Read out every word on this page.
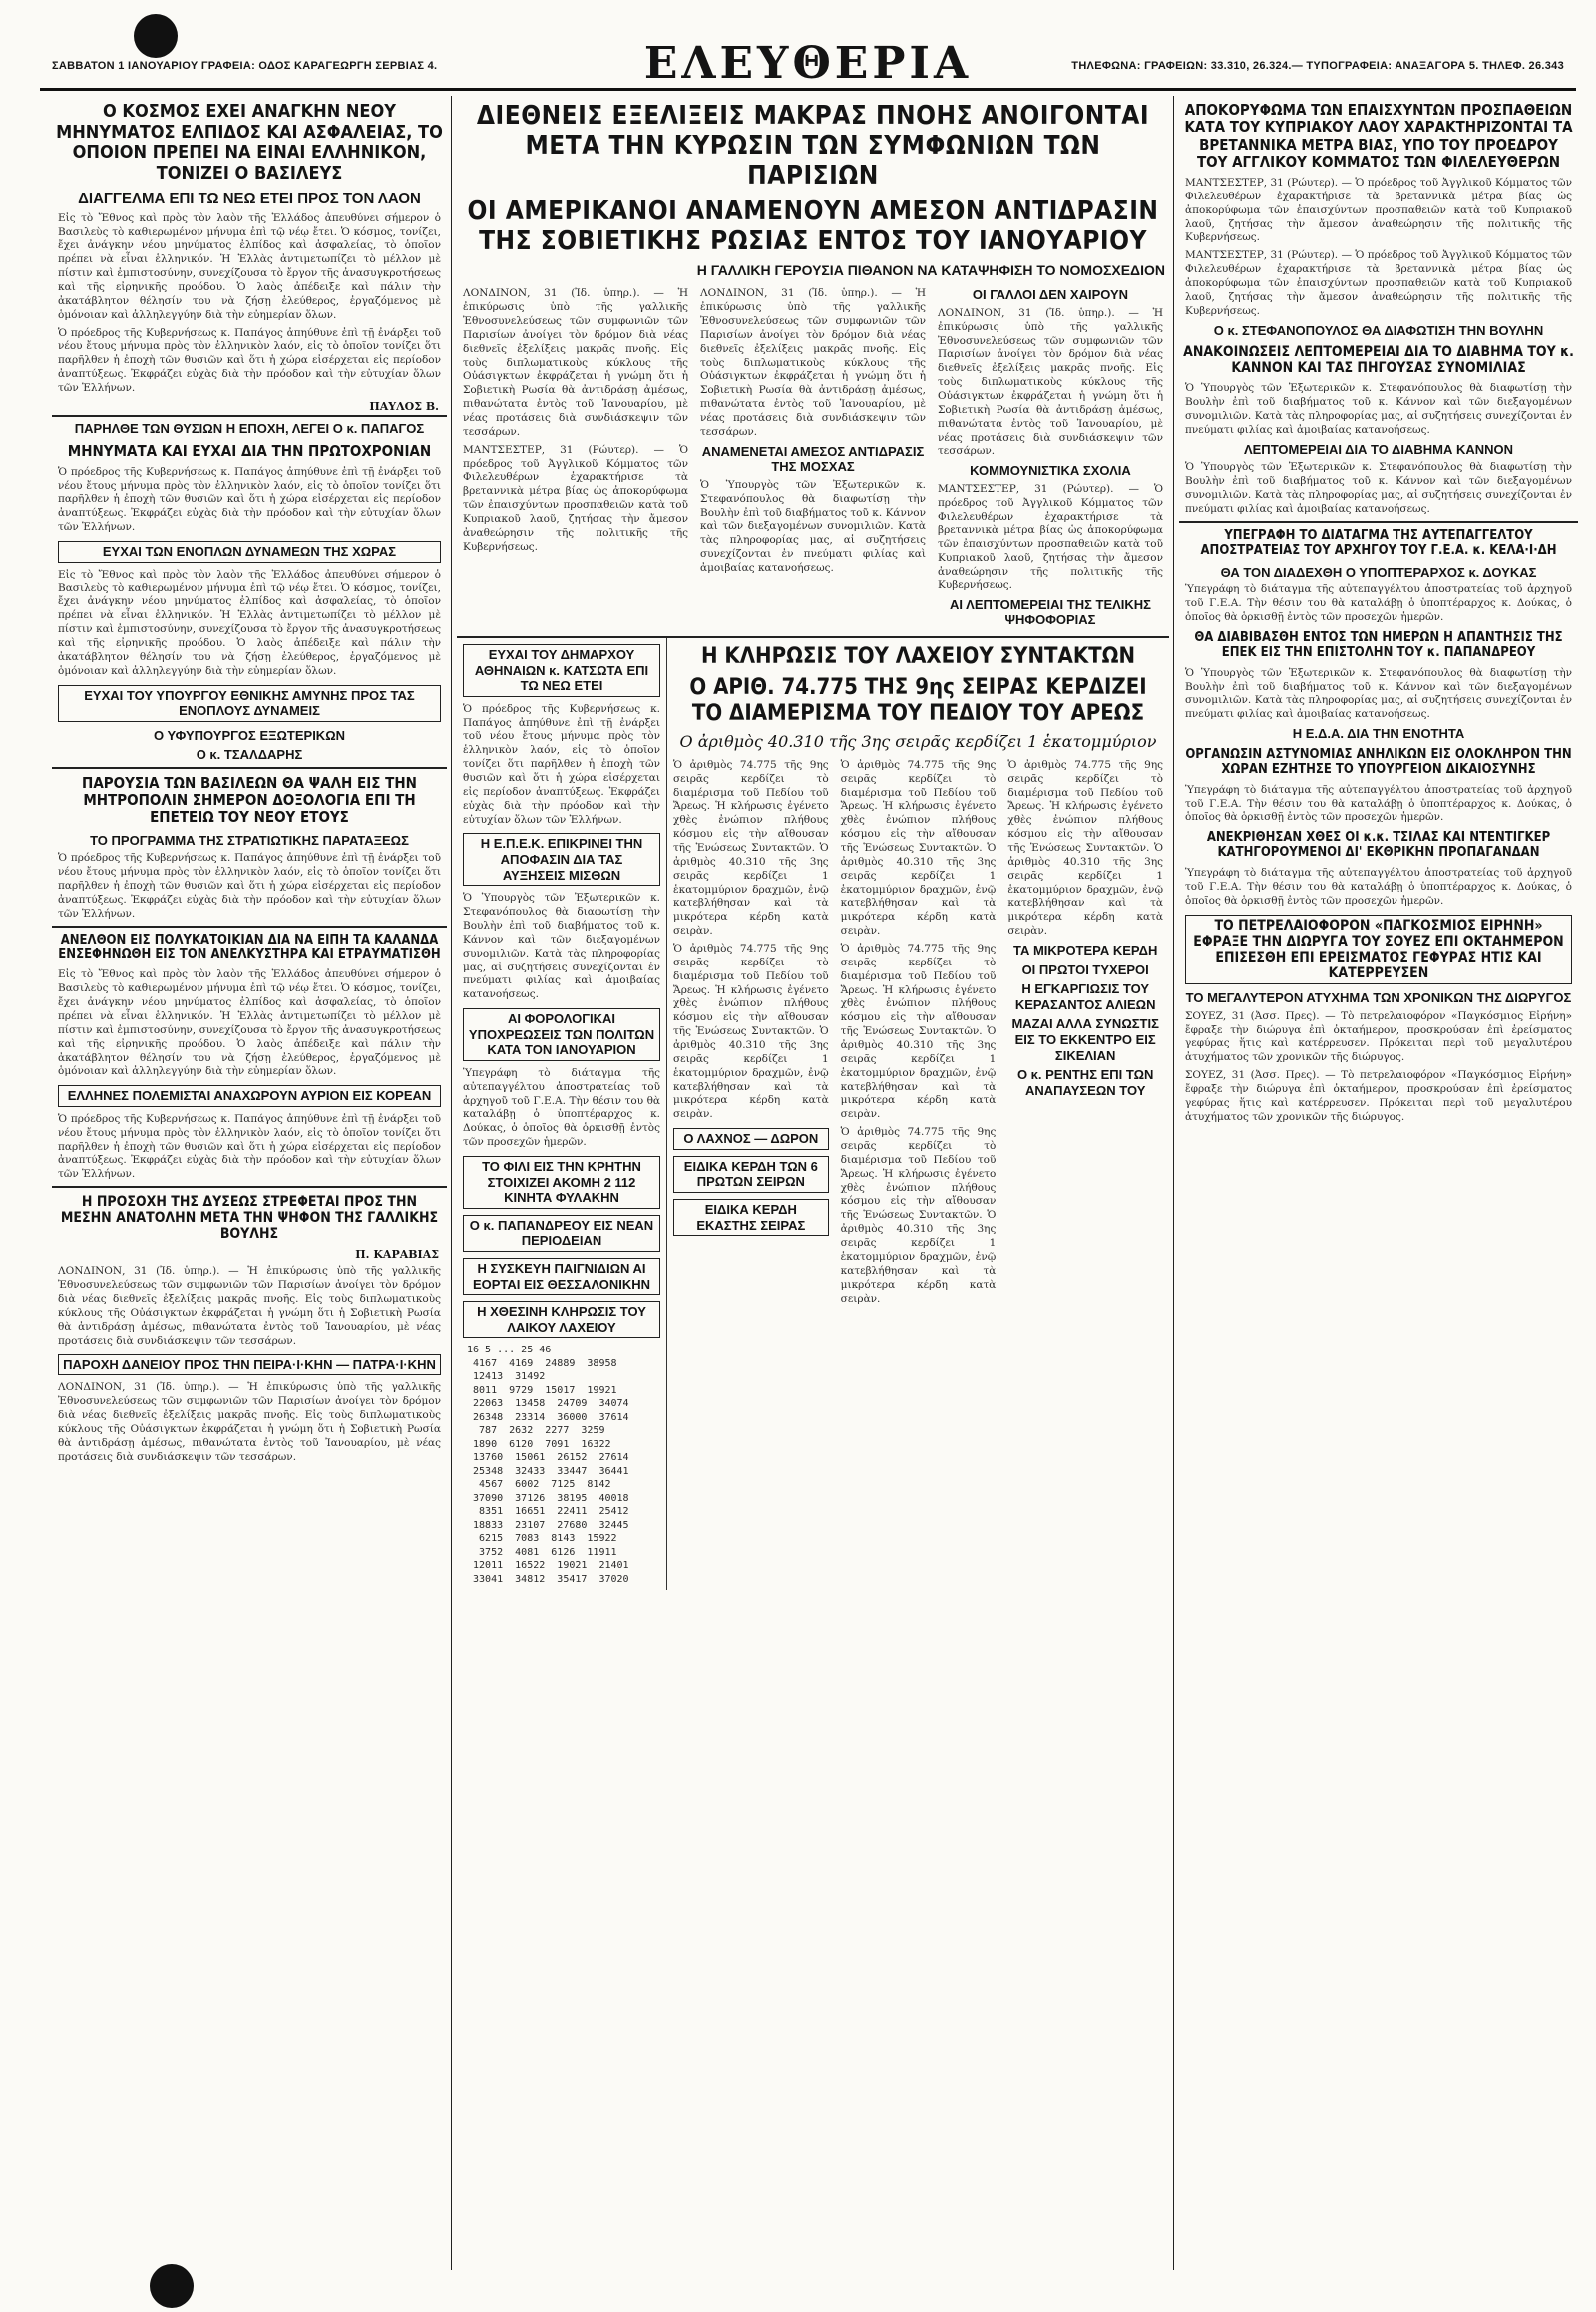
ΣΑΒΒΑΤΟΝ 1 ΙΑΝΟΥΑΡΙΟΥ ΓΡΑΦΕΙΑ: ΟΔΟΣ ΚΑΡΑΓΕΩΡΓΗ ΣΕΡΒΙΑΣ 4.	ΕΛΕΥΘΕΡΙΑ	ΤΗΛΕΦΩΝΑ: ΓΡΑΦΕΙΩΝ: 33.310, 26.324.— ΤΥΠΟΓΡΑΦΕΙΑ: ΑΝΑΞΑΓΟΡΑ 5. ΤΗΛΕΦ. 26.343
Ο ΚΟΣΜΟΣ ΕΧΕΙ ΑΝΑΓΚΗΝ ΝΕΟΥ ΜΗΝΥΜΑΤΟΣ ΕΛΠΙΔΟΣ ΚΑΙ ΑΣΦΑΛΕΙΑΣ, ΤΟ ΟΠΟΙΟΝ ΠΡΕΠΕΙ ΝΑ ΕΙΝΑΙ ΕΛΛΗΝΙΚΟΝ, ΤΟΝΙΖΕΙ Ο ΒΑΣΙΛΕΥΣ
ΔΙΑΓΓΕΛΜΑ ΕΠΙ ΤΩ ΝΕΩ ΕΤΕΙ ΠΡΟΣ ΤΟΝ ΛΑΟΝ
Εἰς τὸ Ἔθνος καὶ πρὸς τὸν λαὸν τῆς Ἑλλάδος ἀπευθύνει σήμερον ὁ Βασιλεὺς τὸ καθιερωμένον μήνυμα ἐπὶ τῷ νέῳ ἔτει. Ὁ κόσμος, τονίζει, ἔχει ἀνάγκην νέου μηνύματος ἐλπίδος καὶ ἀσφαλείας, τὸ ὁποῖον πρέπει νὰ εἶναι ἑλληνικόν. Ἡ Ἑλλὰς ἀντιμετωπίζει τὸ μέλλον μὲ πίστιν καὶ ἐμπιστοσύνην, συνεχίζουσα τὸ ἔργον τῆς ἀνασυγκροτήσεως καὶ τῆς εἰρηνικῆς προόδου. Ὁ λαὸς ἀπέδειξε καὶ πάλιν τὴν ἀκατάβλητον θέλησίν του νὰ ζήσῃ ἐλεύθερος, ἐργαζόμενος μὲ ὁμόνοιαν καὶ ἀλληλεγγύην διὰ τὴν εὐημερίαν ὅλων.
Ὁ πρόεδρος τῆς Κυβερνήσεως κ. Παπάγος ἀπηύθυνε ἐπὶ τῇ ἐνάρξει τοῦ νέου ἔτους μήνυμα πρὸς τὸν ἑλληνικὸν λαόν, εἰς τὸ ὁποῖον τονίζει ὅτι παρῆλθεν ἡ ἐποχὴ τῶν θυσιῶν καὶ ὅτι ἡ χώρα εἰσέρχεται εἰς περίοδον ἀναπτύξεως. Ἐκφράζει εὐχὰς διὰ τὴν πρόοδον καὶ τὴν εὐτυχίαν ὅλων τῶν Ἑλλήνων.
ΠΑΥΛΟΣ Β.
ΠΑΡΗΛΘΕ ΤΩΝ ΘΥΣΙΩΝ Η ΕΠΟΧΗ, ΛΕΓΕΙ Ο κ. ΠΑΠΑΓΟΣ
ΜΗΝΥΜΑΤΑ ΚΑΙ ΕΥΧΑΙ ΔΙΑ ΤΗΝ ΠΡΩΤΟΧΡΟΝΙΑΝ
Ὁ πρόεδρος τῆς Κυβερνήσεως κ. Παπάγος ἀπηύθυνε ἐπὶ τῇ ἐνάρξει τοῦ νέου ἔτους μήνυμα πρὸς τὸν ἑλληνικὸν λαόν, εἰς τὸ ὁποῖον τονίζει ὅτι παρῆλθεν ἡ ἐποχὴ τῶν θυσιῶν καὶ ὅτι ἡ χώρα εἰσέρχεται εἰς περίοδον ἀναπτύξεως. Ἐκφράζει εὐχὰς διὰ τὴν πρόοδον καὶ τὴν εὐτυχίαν ὅλων τῶν Ἑλλήνων.
ΕΥΧΑΙ ΤΩΝ ΕΝΟΠΛΩΝ ΔΥΝΑΜΕΩΝ ΤΗΣ ΧΩΡΑΣ
Εἰς τὸ Ἔθνος καὶ πρὸς τὸν λαὸν τῆς Ἑλλάδος ἀπευθύνει σήμερον ὁ Βασιλεὺς τὸ καθιερωμένον μήνυμα ἐπὶ τῷ νέῳ ἔτει. Ὁ κόσμος, τονίζει, ἔχει ἀνάγκην νέου μηνύματος ἐλπίδος καὶ ἀσφαλείας, τὸ ὁποῖον πρέπει νὰ εἶναι ἑλληνικόν. Ἡ Ἑλλὰς ἀντιμετωπίζει τὸ μέλλον μὲ πίστιν καὶ ἐμπιστοσύνην, συνεχίζουσα τὸ ἔργον τῆς ἀνασυγκροτήσεως καὶ τῆς εἰρηνικῆς προόδου. Ὁ λαὸς ἀπέδειξε καὶ πάλιν τὴν ἀκατάβλητον θέλησίν του νὰ ζήσῃ ἐλεύθερος, ἐργαζόμενος μὲ ὁμόνοιαν καὶ ἀλληλεγγύην διὰ τὴν εὐημερίαν ὅλων.
ΕΥΧΑΙ ΤΟΥ ΥΠΟΥΡΓΟΥ ΕΘΝΙΚΗΣ ΑΜΥΝΗΣ ΠΡΟΣ ΤΑΣ ΕΝΟΠΛΟΥΣ ΔΥΝΑΜΕΙΣ
Ο ΥΦΥΠΟΥΡΓΟΣ ΕΞΩΤΕΡΙΚΩΝ
Ο κ. ΤΣΑΛΔΑΡΗΣ
ΠΑΡΟΥΣΙΑ ΤΩΝ ΒΑΣΙΛΕΩΝ ΘΑ ΨΑΛΗ ΕΙΣ ΤΗΝ ΜΗΤΡΟΠΟΛΙΝ ΣΗΜΕΡΟΝ ΔΟΞΟΛΟΓΙΑ ΕΠΙ ΤΗ ΕΠΕΤΕΙΩ ΤΟΥ ΝΕΟΥ ΕΤΟΥΣ
ΤΟ ΠΡΟΓΡΑΜΜΑ ΤΗΣ ΣΤΡΑΤΙΩΤΙΚΗΣ ΠΑΡΑΤΑΞΕΩΣ
Ὁ πρόεδρος τῆς Κυβερνήσεως κ. Παπάγος ἀπηύθυνε ἐπὶ τῇ ἐνάρξει τοῦ νέου ἔτους μήνυμα πρὸς τὸν ἑλληνικὸν λαόν, εἰς τὸ ὁποῖον τονίζει ὅτι παρῆλθεν ἡ ἐποχὴ τῶν θυσιῶν καὶ ὅτι ἡ χώρα εἰσέρχεται εἰς περίοδον ἀναπτύξεως. Ἐκφράζει εὐχὰς διὰ τὴν πρόοδον καὶ τὴν εὐτυχίαν ὅλων τῶν Ἑλλήνων.
ΑΝΕΛΘΟΝ ΕΙΣ ΠΟΛΥΚΑΤΟΙΚΙΑΝ ΔΙΑ ΝΑ ΕΙΠΗ ΤΑ ΚΑΛΑΝΔΑ ΕΝΣΕΦΗΝΩΘΗ ΕΙΣ ΤΟΝ ΑΝΕΛΚΥΣΤΗΡΑ ΚΑΙ ΕΤΡΑΥΜΑΤΙΣΘΗ
Εἰς τὸ Ἔθνος καὶ πρὸς τὸν λαὸν τῆς Ἑλλάδος ἀπευθύνει σήμερον ὁ Βασιλεὺς τὸ καθιερωμένον μήνυμα ἐπὶ τῷ νέῳ ἔτει. Ὁ κόσμος, τονίζει, ἔχει ἀνάγκην νέου μηνύματος ἐλπίδος καὶ ἀσφαλείας, τὸ ὁποῖον πρέπει νὰ εἶναι ἑλληνικόν. Ἡ Ἑλλὰς ἀντιμετωπίζει τὸ μέλλον μὲ πίστιν καὶ ἐμπιστοσύνην, συνεχίζουσα τὸ ἔργον τῆς ἀνασυγκροτήσεως καὶ τῆς εἰρηνικῆς προόδου. Ὁ λαὸς ἀπέδειξε καὶ πάλιν τὴν ἀκατάβλητον θέλησίν του νὰ ζήσῃ ἐλεύθερος, ἐργαζόμενος μὲ ὁμόνοιαν καὶ ἀλληλεγγύην διὰ τὴν εὐημερίαν ὅλων.
ΕΛΛΗΝΕΣ ΠΟΛΕΜΙΣΤΑΙ ΑΝΑΧΩΡΟΥΝ ΑΥΡΙΟΝ ΕΙΣ ΚΟΡΕΑΝ
Ὁ πρόεδρος τῆς Κυβερνήσεως κ. Παπάγος ἀπηύθυνε ἐπὶ τῇ ἐνάρξει τοῦ νέου ἔτους μήνυμα πρὸς τὸν ἑλληνικὸν λαόν, εἰς τὸ ὁποῖον τονίζει ὅτι παρῆλθεν ἡ ἐποχὴ τῶν θυσιῶν καὶ ὅτι ἡ χώρα εἰσέρχεται εἰς περίοδον ἀναπτύξεως. Ἐκφράζει εὐχὰς διὰ τὴν πρόοδον καὶ τὴν εὐτυχίαν ὅλων τῶν Ἑλλήνων.
Η ΠΡΟΣΟΧΗ ΤΗΣ ΔΥΣΕΩΣ ΣΤΡΕΦΕΤΑΙ ΠΡΟΣ ΤΗΝ ΜΕΣΗΝ ΑΝΑΤΟΛΗΝ ΜΕΤΑ ΤΗΝ ΨΗΦΟΝ ΤΗΣ ΓΑΛΛΙΚΗΣ ΒΟΥΛΗΣ
Π. ΚΑΡΑΒΙΑΣ
ΛΟΝΔΙΝΟΝ, 31 (Ἰδ. ὑπηρ.). — Ἡ ἐπικύρωσις ὑπὸ τῆς γαλλικῆς Ἐθνοσυνελεύσεως τῶν συμφωνιῶν τῶν Παρισίων ἀνοίγει τὸν δρόμον διὰ νέας διεθνεῖς ἐξελίξεις μακρᾶς πνοῆς. Εἰς τοὺς διπλωματικοὺς κύκλους τῆς Οὐάσιγκτων ἐκφράζεται ἡ γνώμη ὅτι ἡ Σοβιετικὴ Ρωσία θὰ ἀντιδράσῃ ἀμέσως, πιθανώτατα ἐντὸς τοῦ Ἰανουαρίου, μὲ νέας προτάσεις διὰ συνδιάσκεψιν τῶν τεσσάρων.
ΠΑΡΟΧΗ ΔΑΝΕΙΟΥ ΠΡΟΣ ΤΗΝ ΠΕΙΡΑ·Ι·ΚΗΝ — ΠΑΤΡΑ·Ι·ΚΗΝ
ΛΟΝΔΙΝΟΝ, 31 (Ἰδ. ὑπηρ.). — Ἡ ἐπικύρωσις ὑπὸ τῆς γαλλικῆς Ἐθνοσυνελεύσεως τῶν συμφωνιῶν τῶν Παρισίων ἀνοίγει τὸν δρόμον διὰ νέας διεθνεῖς ἐξελίξεις μακρᾶς πνοῆς. Εἰς τοὺς διπλωματικοὺς κύκλους τῆς Οὐάσιγκτων ἐκφράζεται ἡ γνώμη ὅτι ἡ Σοβιετικὴ Ρωσία θὰ ἀντιδράσῃ ἀμέσως, πιθανώτατα ἐντὸς τοῦ Ἰανουαρίου, μὲ νέας προτάσεις διὰ συνδιάσκεψιν τῶν τεσσάρων.
ΔΙΕΘΝΕΙΣ ΕΞΕΛΙΞΕΙΣ ΜΑΚΡΑΣ ΠΝΟΗΣ ΑΝΟΙΓΟΝΤΑΙ ΜΕΤΑ ΤΗΝ ΚΥΡΩΣΙΝ ΤΩΝ ΣΥΜΦΩΝΙΩΝ ΤΩΝ ΠΑΡΙΣΙΩΝ
ΟΙ ΑΜΕΡΙΚΑΝΟΙ ΑΝΑΜΕΝΟΥΝ ΑΜΕΣΟΝ ΑΝΤΙΔΡΑΣΙΝ ΤΗΣ ΣΟΒΙΕΤΙΚΗΣ ΡΩΣΙΑΣ ΕΝΤΟΣ ΤΟΥ ΙΑΝΟΥΑΡΙΟΥ
Η ΓΑΛΛΙΚΗ ΓΕΡΟΥΣΙΑ ΠΙΘΑΝΟΝ ΝΑ ΚΑΤΑΨΗΦΙΣΗ ΤΟ ΝΟΜΟΣΧΕΔΙΟΝ
ΛΟΝΔΙΝΟΝ, 31 (Ἰδ. ὑπηρ.). — Ἡ ἐπικύρωσις ὑπὸ τῆς γαλλικῆς Ἐθνοσυνελεύσεως τῶν συμφωνιῶν τῶν Παρισίων ἀνοίγει τὸν δρόμον διὰ νέας διεθνεῖς ἐξελίξεις μακρᾶς πνοῆς. Εἰς τοὺς διπλωματικοὺς κύκλους τῆς Οὐάσιγκτων ἐκφράζεται ἡ γνώμη ὅτι ἡ Σοβιετικὴ Ρωσία θὰ ἀντιδράσῃ ἀμέσως, πιθανώτατα ἐντὸς τοῦ Ἰανουαρίου, μὲ νέας προτάσεις διὰ συνδιάσκεψιν τῶν τεσσάρων.
ΜΑΝΤΣΕΣΤΕΡ, 31 (Ρώυτερ). — Ὁ πρόεδρος τοῦ Ἀγγλικοῦ Κόμματος τῶν Φιλελευθέρων ἐχαρακτήρισε τὰ βρεταννικὰ μέτρα βίας ὡς ἀποκορύφωμα τῶν ἐπαισχύντων προσπαθειῶν κατὰ τοῦ Κυπριακοῦ λαοῦ, ζητήσας τὴν ἄμεσον ἀναθεώρησιν τῆς πολιτικῆς τῆς Κυβερνήσεως.
ΛΟΝΔΙΝΟΝ, 31 (Ἰδ. ὑπηρ.). — Ἡ ἐπικύρωσις ὑπὸ τῆς γαλλικῆς Ἐθνοσυνελεύσεως τῶν συμφωνιῶν τῶν Παρισίων ἀνοίγει τὸν δρόμον διὰ νέας διεθνεῖς ἐξελίξεις μακρᾶς πνοῆς. Εἰς τοὺς διπλωματικοὺς κύκλους τῆς Οὐάσιγκτων ἐκφράζεται ἡ γνώμη ὅτι ἡ Σοβιετικὴ Ρωσία θὰ ἀντιδράσῃ ἀμέσως, πιθανώτατα ἐντὸς τοῦ Ἰανουαρίου, μὲ νέας προτάσεις διὰ συνδιάσκεψιν τῶν τεσσάρων.
ΑΝΑΜΕΝΕΤΑΙ ΑΜΕΣΟΣ ΑΝΤΙΔΡΑΣΙΣ ΤΗΣ ΜΟΣΧΑΣ
Ὁ Ὑπουργὸς τῶν Ἐξωτερικῶν κ. Στεφανόπουλος θὰ διαφωτίσῃ τὴν Βουλὴν ἐπὶ τοῦ διαβήματος τοῦ κ. Κάννον καὶ τῶν διεξαγομένων συνομιλιῶν. Κατὰ τὰς πληροφορίας μας, αἱ συζητήσεις συνεχίζονται ἐν πνεύματι φιλίας καὶ ἀμοιβαίας κατανοήσεως.
ΟΙ ΓΑΛΛΟΙ ΔΕΝ ΧΑΙΡΟΥΝ
ΛΟΝΔΙΝΟΝ, 31 (Ἰδ. ὑπηρ.). — Ἡ ἐπικύρωσις ὑπὸ τῆς γαλλικῆς Ἐθνοσυνελεύσεως τῶν συμφωνιῶν τῶν Παρισίων ἀνοίγει τὸν δρόμον διὰ νέας διεθνεῖς ἐξελίξεις μακρᾶς πνοῆς. Εἰς τοὺς διπλωματικοὺς κύκλους τῆς Οὐάσιγκτων ἐκφράζεται ἡ γνώμη ὅτι ἡ Σοβιετικὴ Ρωσία θὰ ἀντιδράσῃ ἀμέσως, πιθανώτατα ἐντὸς τοῦ Ἰανουαρίου, μὲ νέας προτάσεις διὰ συνδιάσκεψιν τῶν τεσσάρων.
ΚΟΜΜΟΥΝΙΣΤΙΚΑ ΣΧΟΛΙΑ
ΜΑΝΤΣΕΣΤΕΡ, 31 (Ρώυτερ). — Ὁ πρόεδρος τοῦ Ἀγγλικοῦ Κόμματος τῶν Φιλελευθέρων ἐχαρακτήρισε τὰ βρεταννικὰ μέτρα βίας ὡς ἀποκορύφωμα τῶν ἐπαισχύντων προσπαθειῶν κατὰ τοῦ Κυπριακοῦ λαοῦ, ζητήσας τὴν ἄμεσον ἀναθεώρησιν τῆς πολιτικῆς τῆς Κυβερνήσεως.
ΑΙ ΛΕΠΤΟΜΕΡΕΙΑΙ ΤΗΣ ΤΕΛΙΚΗΣ ΨΗΦΟΦΟΡΙΑΣ
ΕΥΧΑΙ ΤΟΥ ΔΗΜΑΡΧΟΥ ΑΘΗΝΑΙΩΝ κ. ΚΑΤΣΩΤΑ ΕΠΙ ΤΩ ΝΕΩ ΕΤΕΙ
Ὁ πρόεδρος τῆς Κυβερνήσεως κ. Παπάγος ἀπηύθυνε ἐπὶ τῇ ἐνάρξει τοῦ νέου ἔτους μήνυμα πρὸς τὸν ἑλληνικὸν λαόν, εἰς τὸ ὁποῖον τονίζει ὅτι παρῆλθεν ἡ ἐποχὴ τῶν θυσιῶν καὶ ὅτι ἡ χώρα εἰσέρχεται εἰς περίοδον ἀναπτύξεως. Ἐκφράζει εὐχὰς διὰ τὴν πρόοδον καὶ τὴν εὐτυχίαν ὅλων τῶν Ἑλλήνων.
Η Ε.Π.Ε.Κ. ΕΠΙΚΡΙΝΕΙ ΤΗΝ ΑΠΟΦΑΣΙΝ ΔΙΑ ΤΑΣ ΑΥΞΗΣΕΙΣ ΜΙΣΘΩΝ
Ὁ Ὑπουργὸς τῶν Ἐξωτερικῶν κ. Στεφανόπουλος θὰ διαφωτίσῃ τὴν Βουλὴν ἐπὶ τοῦ διαβήματος τοῦ κ. Κάννον καὶ τῶν διεξαγομένων συνομιλιῶν. Κατὰ τὰς πληροφορίας μας, αἱ συζητήσεις συνεχίζονται ἐν πνεύματι φιλίας καὶ ἀμοιβαίας κατανοήσεως.
ΑΙ ΦΟΡΟΛΟΓΙΚΑΙ ΥΠΟΧΡΕΩΣΕΙΣ ΤΩΝ ΠΟΛΙΤΩΝ ΚΑΤΑ ΤΟΝ ΙΑΝΟΥΑΡΙΟΝ
Ὑπεγράφη τὸ διάταγμα τῆς αὐτεπαγγέλτου ἀποστρατείας τοῦ ἀρχηγοῦ τοῦ Γ.Ε.Α. Τὴν θέσιν του θὰ καταλάβῃ ὁ ὑποπτέραρχος κ. Δούκας, ὁ ὁποῖος θὰ ὁρκισθῇ ἐντὸς τῶν προσεχῶν ἡμερῶν.
ΤΟ ΦΙΛΙ ΕΙΣ ΤΗΝ ΚΡΗΤΗΝ ΣΤΟΙΧΙΖΕΙ ΑΚΟΜΗ 2 112 ΚΙΝΗΤΑ ΦΥΛΑΚΗΝ
Ο κ. ΠΑΠΑΝΔΡΕΟΥ ΕΙΣ ΝΕΑΝ ΠΕΡΙΟΔΕΙΑΝ
Η ΣΥΣΚΕΥΗ ΠΑΙΓΝΙΔΙΩΝ ΑΙ ΕΟΡΤΑΙ ΕΙΣ ΘΕΣΣΑΛΟΝΙΚΗΝ
Η ΧΘΕΣΙΝΗ ΚΛΗΡΩΣΙΣ ΤΟΥ ΛΑΙΚΟΥ ΛΑΧΕΙΟΥ
16 5 ... 25 46
4167  4169  24889  38958
12413  31492
8011  9729  15017  19921
22063  13458  24709  34074
26348  23314  36000  37614
787  2632  2277  3259
1890  6120  7091  16322
13760  15061  26152  27614
25348  32433  33447  36441
4567  6002  7125  8142
37090  37126  38195  40018
8351  16651  22411  25412
18833  23107  27680  32445
6215  7083  8143  15922
3752  4081  6126  11911
12011  16522  19021  21401
33041  34812  35417  37020
Η ΚΛΗΡΩΣΙΣ ΤΟΥ ΛΑΧΕΙΟΥ ΣΥΝΤΑΚΤΩΝ
Ο ΑΡΙΘ. 74.775 ΤΗΣ 9ης ΣΕΙΡΑΣ ΚΕΡΔΙΖΕΙ ΤΟ ΔΙΑΜΕΡΙΣΜΑ ΤΟΥ ΠΕΔΙΟΥ ΤΟΥ ΑΡΕΩΣ
Ο ἀριθμὸς 40.310 τῆς 3ης σειρᾶς κερδίζει 1 ἑκατομμύριον
Ὁ ἀριθμὸς 74.775 τῆς 9ης σειρᾶς κερδίζει τὸ διαμέρισμα τοῦ Πεδίου τοῦ Ἄρεως. Ἡ κλήρωσις ἐγένετο χθὲς ἐνώπιον πλήθους κόσμου εἰς τὴν αἴθουσαν τῆς Ἑνώσεως Συντακτῶν. Ὁ ἀριθμὸς 40.310 τῆς 3ης σειρᾶς κερδίζει 1 ἑκατομμύριον δραχμῶν, ἐνῷ κατεβλήθησαν καὶ τὰ μικρότερα κέρδη κατὰ σειρὰν.
Ὁ ἀριθμὸς 74.775 τῆς 9ης σειρᾶς κερδίζει τὸ διαμέρισμα τοῦ Πεδίου τοῦ Ἄρεως. Ἡ κλήρωσις ἐγένετο χθὲς ἐνώπιον πλήθους κόσμου εἰς τὴν αἴθουσαν τῆς Ἑνώσεως Συντακτῶν. Ὁ ἀριθμὸς 40.310 τῆς 3ης σειρᾶς κερδίζει 1 ἑκατομμύριον δραχμῶν, ἐνῷ κατεβλήθησαν καὶ τὰ μικρότερα κέρδη κατὰ σειρὰν.
Ο ΛΑΧΝΟΣ — ΔΩΡΟΝ
ΕΙΔΙΚΑ ΚΕΡΔΗ ΤΩΝ 6 ΠΡΩΤΩΝ ΣΕΙΡΩΝ
ΕΙΔΙΚΑ ΚΕΡΔΗ ΕΚΑΣΤΗΣ ΣΕΙΡΑΣ
Ὁ ἀριθμὸς 74.775 τῆς 9ης σειρᾶς κερδίζει τὸ διαμέρισμα τοῦ Πεδίου τοῦ Ἄρεως. Ἡ κλήρωσις ἐγένετο χθὲς ἐνώπιον πλήθους κόσμου εἰς τὴν αἴθουσαν τῆς Ἑνώσεως Συντακτῶν. Ὁ ἀριθμὸς 40.310 τῆς 3ης σειρᾶς κερδίζει 1 ἑκατομμύριον δραχμῶν, ἐνῷ κατεβλήθησαν καὶ τὰ μικρότερα κέρδη κατὰ σειρὰν.
Ὁ ἀριθμὸς 74.775 τῆς 9ης σειρᾶς κερδίζει τὸ διαμέρισμα τοῦ Πεδίου τοῦ Ἄρεως. Ἡ κλήρωσις ἐγένετο χθὲς ἐνώπιον πλήθους κόσμου εἰς τὴν αἴθουσαν τῆς Ἑνώσεως Συντακτῶν. Ὁ ἀριθμὸς 40.310 τῆς 3ης σειρᾶς κερδίζει 1 ἑκατομμύριον δραχμῶν, ἐνῷ κατεβλήθησαν καὶ τὰ μικρότερα κέρδη κατὰ σειρὰν.
Ὁ ἀριθμὸς 74.775 τῆς 9ης σειρᾶς κερδίζει τὸ διαμέρισμα τοῦ Πεδίου τοῦ Ἄρεως. Ἡ κλήρωσις ἐγένετο χθὲς ἐνώπιον πλήθους κόσμου εἰς τὴν αἴθουσαν τῆς Ἑνώσεως Συντακτῶν. Ὁ ἀριθμὸς 40.310 τῆς 3ης σειρᾶς κερδίζει 1 ἑκατομμύριον δραχμῶν, ἐνῷ κατεβλήθησαν καὶ τὰ μικρότερα κέρδη κατὰ σειρὰν.
Ὁ ἀριθμὸς 74.775 τῆς 9ης σειρᾶς κερδίζει τὸ διαμέρισμα τοῦ Πεδίου τοῦ Ἄρεως. Ἡ κλήρωσις ἐγένετο χθὲς ἐνώπιον πλήθους κόσμου εἰς τὴν αἴθουσαν τῆς Ἑνώσεως Συντακτῶν. Ὁ ἀριθμὸς 40.310 τῆς 3ης σειρᾶς κερδίζει 1 ἑκατομμύριον δραχμῶν, ἐνῷ κατεβλήθησαν καὶ τὰ μικρότερα κέρδη κατὰ σειρὰν.
ΤΑ ΜΙΚΡΟΤΕΡΑ ΚΕΡΔΗ
ΟΙ ΠΡΩΤΟΙ ΤΥΧΕΡΟΙ
Η ΕΓΚΑΡΓΙΩΣΙΣ ΤΟΥ ΚΕΡΑΣΑΝΤΟΣ ΑΛΙΕΩΝ
ΜΑΖΑΙ ΑΛΛΑ ΣΥΝΩΣΤΙΣ ΕΙΣ ΤΟ ΕΚΚΕΝΤΡΟ ΕΙΣ ΣΙΚΕΛΙΑΝ
Ο κ. ΡΕΝΤΗΣ ΕΠΙ ΤΩΝ ΑΝΑΠΑΥΣΕΩΝ ΤΟΥ
ΑΠΟΚΟΡΥΦΩΜΑ ΤΩΝ ΕΠΑΙΣΧΥΝΤΩΝ ΠΡΟΣΠΑΘΕΙΩΝ ΚΑΤΑ ΤΟΥ ΚΥΠΡΙΑΚΟΥ ΛΑΟΥ ΧΑΡΑΚΤΗΡΙΖΟΝΤΑΙ ΤΑ ΒΡΕΤΑΝΝΙΚΑ ΜΕΤΡΑ ΒΙΑΣ, ΥΠΟ ΤΟΥ ΠΡΟΕΔΡΟΥ ΤΟΥ ΑΓΓΛΙΚΟΥ ΚΟΜΜΑΤΟΣ ΤΩΝ ΦΙΛΕΛΕΥΘΕΡΩΝ
ΜΑΝΤΣΕΣΤΕΡ, 31 (Ρώυτερ). — Ὁ πρόεδρος τοῦ Ἀγγλικοῦ Κόμματος τῶν Φιλελευθέρων ἐχαρακτήρισε τὰ βρεταννικὰ μέτρα βίας ὡς ἀποκορύφωμα τῶν ἐπαισχύντων προσπαθειῶν κατὰ τοῦ Κυπριακοῦ λαοῦ, ζητήσας τὴν ἄμεσον ἀναθεώρησιν τῆς πολιτικῆς τῆς Κυβερνήσεως.
ΜΑΝΤΣΕΣΤΕΡ, 31 (Ρώυτερ). — Ὁ πρόεδρος τοῦ Ἀγγλικοῦ Κόμματος τῶν Φιλελευθέρων ἐχαρακτήρισε τὰ βρεταννικὰ μέτρα βίας ὡς ἀποκορύφωμα τῶν ἐπαισχύντων προσπαθειῶν κατὰ τοῦ Κυπριακοῦ λαοῦ, ζητήσας τὴν ἄμεσον ἀναθεώρησιν τῆς πολιτικῆς τῆς Κυβερνήσεως.
Ο κ. ΣΤΕΦΑΝΟΠΟΥΛΟΣ ΘΑ ΔΙΑΦΩΤΙΣΗ ΤΗΝ ΒΟΥΛΗΝ
ΑΝΑΚΟΙΝΩΣΕΙΣ ΛΕΠΤΟΜΕΡΕΙΑΙ ΔΙΑ ΤΟ ΔΙΑΒΗΜΑ ΤΟΥ κ. ΚΑΝΝΟΝ ΚΑΙ ΤΑΣ ΠΗΓΟΥΣΑΣ ΣΥΝΟΜΙΛΙΑΣ
Ὁ Ὑπουργὸς τῶν Ἐξωτερικῶν κ. Στεφανόπουλος θὰ διαφωτίσῃ τὴν Βουλὴν ἐπὶ τοῦ διαβήματος τοῦ κ. Κάννον καὶ τῶν διεξαγομένων συνομιλιῶν. Κατὰ τὰς πληροφορίας μας, αἱ συζητήσεις συνεχίζονται ἐν πνεύματι φιλίας καὶ ἀμοιβαίας κατανοήσεως.
ΛΕΠΤΟΜΕΡΕΙΑΙ ΔΙΑ ΤΟ ΔΙΑΒΗΜΑ ΚΑΝΝΟΝ
Ὁ Ὑπουργὸς τῶν Ἐξωτερικῶν κ. Στεφανόπουλος θὰ διαφωτίσῃ τὴν Βουλὴν ἐπὶ τοῦ διαβήματος τοῦ κ. Κάννον καὶ τῶν διεξαγομένων συνομιλιῶν. Κατὰ τὰς πληροφορίας μας, αἱ συζητήσεις συνεχίζονται ἐν πνεύματι φιλίας καὶ ἀμοιβαίας κατανοήσεως.
ΥΠΕΓΡΑΦΗ ΤΟ ΔΙΑΤΑΓΜΑ ΤΗΣ ΑΥΤΕΠΑΓΓΕΛΤΟΥ ΑΠΟΣΤΡΑΤΕΙΑΣ ΤΟΥ ΑΡΧΗΓΟΥ ΤΟΥ Γ.Ε.Α. κ. ΚΕΛΑ·Ι·ΔΗ
ΘΑ ΤΟΝ ΔΙΑΔΕΧΘΗ Ο ΥΠΟΠΤΕΡΑΡΧΟΣ κ. ΔΟΥΚΑΣ
Ὑπεγράφη τὸ διάταγμα τῆς αὐτεπαγγέλτου ἀποστρατείας τοῦ ἀρχηγοῦ τοῦ Γ.Ε.Α. Τὴν θέσιν του θὰ καταλάβῃ ὁ ὑποπτέραρχος κ. Δούκας, ὁ ὁποῖος θὰ ὁρκισθῇ ἐντὸς τῶν προσεχῶν ἡμερῶν.
ΘΑ ΔΙΑΒΙΒΑΣΘΗ ΕΝΤΟΣ ΤΩΝ ΗΜΕΡΩΝ Η ΑΠΑΝΤΗΣΙΣ ΤΗΣ ΕΠΕΚ ΕΙΣ ΤΗΝ ΕΠΙΣΤΟΛΗΝ ΤΟΥ κ. ΠΑΠΑΝΔΡΕΟΥ
Ὁ Ὑπουργὸς τῶν Ἐξωτερικῶν κ. Στεφανόπουλος θὰ διαφωτίσῃ τὴν Βουλὴν ἐπὶ τοῦ διαβήματος τοῦ κ. Κάννον καὶ τῶν διεξαγομένων συνομιλιῶν. Κατὰ τὰς πληροφορίας μας, αἱ συζητήσεις συνεχίζονται ἐν πνεύματι φιλίας καὶ ἀμοιβαίας κατανοήσεως.
Η Ε.Δ.Α. ΔΙΑ ΤΗΝ ΕΝΟΤΗΤΑ
ΟΡΓΑΝΩΣΙΝ ΑΣΤΥΝΟΜΙΑΣ ΑΝΗΛΙΚΩΝ ΕΙΣ ΟΛΟΚΛΗΡΟΝ ΤΗΝ ΧΩΡΑΝ ΕΖΗΤΗΣΕ ΤΟ ΥΠΟΥΡΓΕΙΟΝ ΔΙΚΑΙΟΣΥΝΗΣ
Ὑπεγράφη τὸ διάταγμα τῆς αὐτεπαγγέλτου ἀποστρατείας τοῦ ἀρχηγοῦ τοῦ Γ.Ε.Α. Τὴν θέσιν του θὰ καταλάβῃ ὁ ὑποπτέραρχος κ. Δούκας, ὁ ὁποῖος θὰ ὁρκισθῇ ἐντὸς τῶν προσεχῶν ἡμερῶν.
ΑΝΕΚΡΙΘΗΣΑΝ ΧΘΕΣ ΟΙ κ.κ. ΤΣΙΛΑΣ ΚΑΙ ΝΤΕΝΤΙΓΚΕΡ ΚΑΤΗΓΟΡΟΥΜΕΝΟΙ ΔΙ' ΕΚΘΡΙΚΗΝ ΠΡΟΠΑΓΑΝΔΑΝ
Ὑπεγράφη τὸ διάταγμα τῆς αὐτεπαγγέλτου ἀποστρατείας τοῦ ἀρχηγοῦ τοῦ Γ.Ε.Α. Τὴν θέσιν του θὰ καταλάβῃ ὁ ὑποπτέραρχος κ. Δούκας, ὁ ὁποῖος θὰ ὁρκισθῇ ἐντὸς τῶν προσεχῶν ἡμερῶν.
ΤΟ ΠΕΤΡΕΛΑΙΟΦΟΡΟΝ «ΠΑΓΚΟΣΜΙΟΣ ΕΙΡΗΝΗ» ΕΦΡΑΞΕ ΤΗΝ ΔΙΩΡΥΓΑ ΤΟΥ ΣΟΥΕΖ ΕΠΙ ΟΚΤΑΗΜΕΡΟΝ ΕΠΙΣΕΣΘΗ ΕΠΙ ΕΡΕΙΣΜΑΤΟΣ ΓΕΦΥΡΑΣ ΗΤΙΣ ΚΑΙ ΚΑΤΕΡΡΕΥΣΕΝ
ΤΟ ΜΕΓΑΛΥΤΕΡΟΝ ΑΤΥΧΗΜΑ ΤΩΝ ΧΡΟΝΙΚΩΝ ΤΗΣ ΔΙΩΡΥΓΟΣ
ΣΟΥΕΖ, 31 (Ἀσσ. Πρες). — Τὸ πετρελαιοφόρον «Παγκόσμιος Εἰρήνη» ἔφραξε τὴν διώρυγα ἐπὶ ὀκταήμερον, προσκρούσαν ἐπὶ ἐρείσματος γεφύρας ἥτις καὶ κατέρρευσεν. Πρόκειται περὶ τοῦ μεγαλυτέρου ἀτυχήματος τῶν χρονικῶν τῆς διώρυγος.
ΣΟΥΕΖ, 31 (Ἀσσ. Πρες). — Τὸ πετρελαιοφόρον «Παγκόσμιος Εἰρήνη» ἔφραξε τὴν διώρυγα ἐπὶ ὀκταήμερον, προσκρούσαν ἐπὶ ἐρείσματος γεφύρας ἥτις καὶ κατέρρευσεν. Πρόκειται περὶ τοῦ μεγαλυτέρου ἀτυχήματος τῶν χρονικῶν τῆς διώρυγος.
